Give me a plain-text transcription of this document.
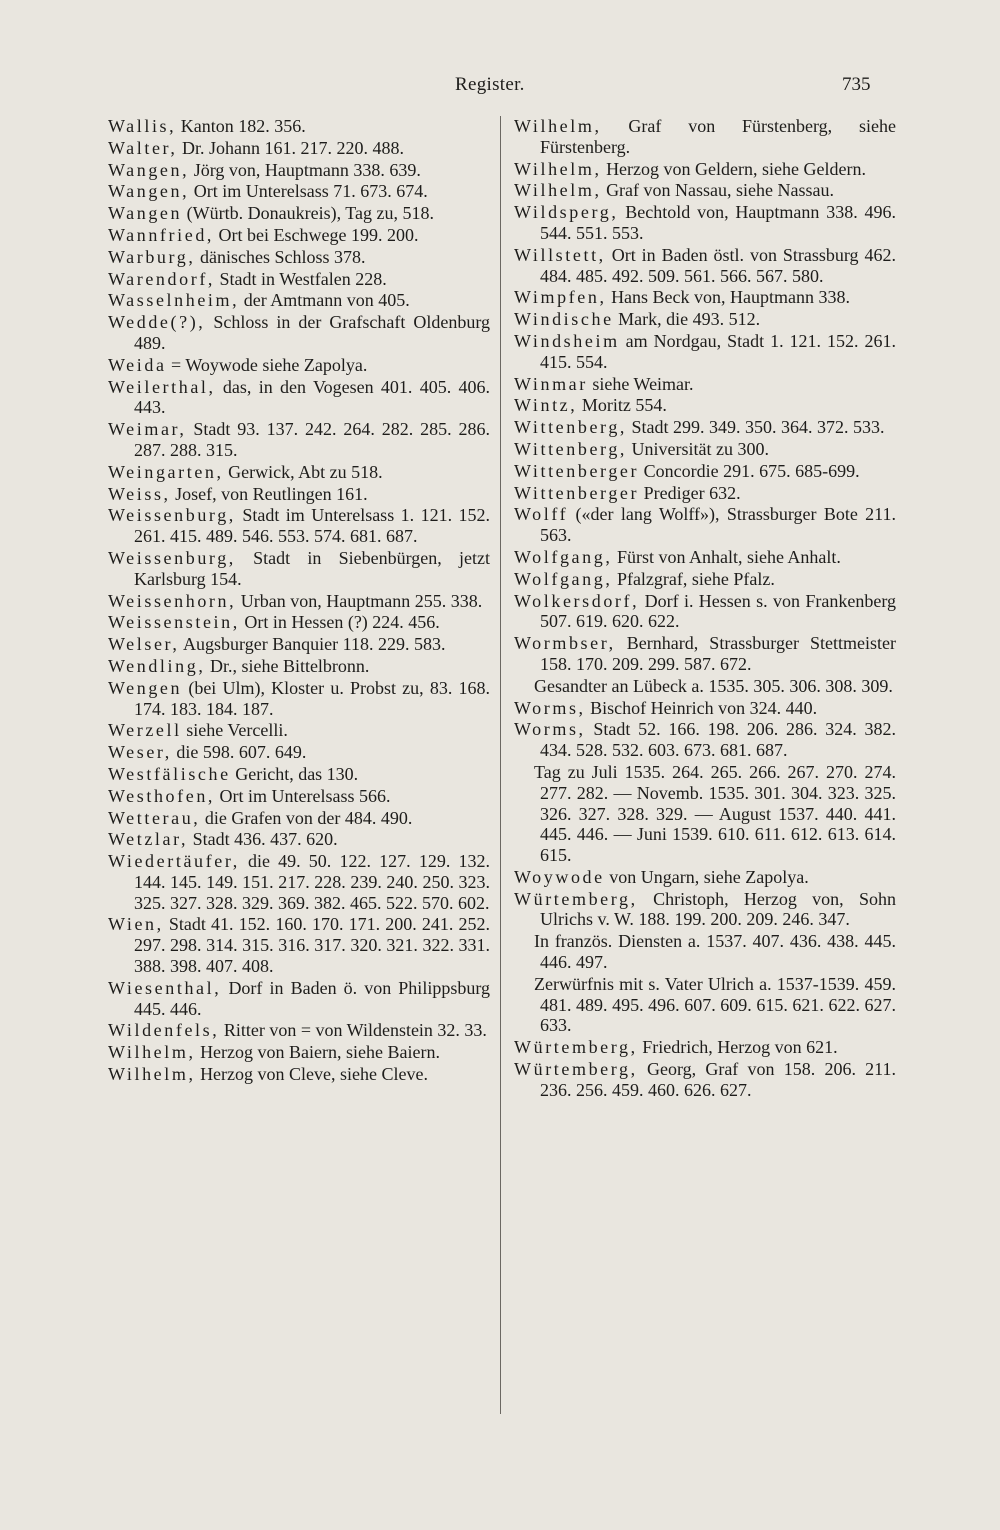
Register.	735
Wallis, Kanton 182. 356.
Walter, Dr. Johann 161. 217. 220. 488.
Wangen, Jörg von, Hauptmann 338. 639.
Wangen, Ort im Unterelsass 71. 673. 674.
Wangen (Würtb. Donaukreis), Tag zu, 518.
Wannfried, Ort bei Eschwege 199. 200.
Warburg, dänisches Schloss 378.
Warendorf, Stadt in Westfalen 228.
Wasselnheim, der Amtmann von 405.
Wedde(?), Schloss in der Grafschaft Oldenburg 489.
Weida = Woywode siehe Zapolya.
Weilerthal, das, in den Vogesen 401. 405. 406. 443.
Weimar, Stadt 93. 137. 242. 264. 282. 285. 286. 287. 288. 315.
Weingarten, Gerwick, Abt zu 518.
Weiss, Josef, von Reutlingen 161.
Weissenburg, Stadt im Unterelsass 1. 121. 152. 261. 415. 489. 546. 553. 574. 681. 687.
Weissenburg, Stadt in Siebenbürgen, jetzt Karlsburg 154.
Weissenhorn, Urban von, Hauptmann 255. 338.
Weissenstein, Ort in Hessen (?) 224. 456.
Welser, Augsburger Banquier 118. 229. 583.
Wendling, Dr., siehe Bittelbronn.
Wengen (bei Ulm), Kloster u. Probst zu, 83. 168. 174. 183. 184. 187.
Werzell siehe Vercelli.
Weser, die 598. 607. 649.
Westfälische Gericht, das 130.
Westhofen, Ort im Unterelsass 566.
Wetterau, die Grafen von der 484. 490.
Wetzlar, Stadt 436. 437. 620.
Wiedertäufer, die 49. 50. 122. 127. 129. 132. 144. 145. 149. 151. 217. 228. 239. 240. 250. 323. 325. 327. 328. 329. 369. 382. 465. 522. 570. 602.
Wien, Stadt 41. 152. 160. 170. 171. 200. 241. 252. 297. 298. 314. 315. 316. 317. 320. 321. 322. 331. 388. 398. 407. 408.
Wiesenthal, Dorf in Baden ö. von Philippsburg 445. 446.
Wildenfels, Ritter von = von Wildenstein 32. 33.
Wilhelm, Herzog von Baiern, siehe Baiern.
Wilhelm, Herzog von Cleve, siehe Cleve.
Wilhelm, Graf von Fürstenberg, siehe Fürstenberg.
Wilhelm, Herzog von Geldern, siehe Geldern.
Wilhelm, Graf von Nassau, siehe Nassau.
Wildsperg, Bechtold von, Hauptmann 338. 496. 544. 551. 553.
Willstett, Ort in Baden östl. von Strassburg 462. 484. 485. 492. 509. 561. 566. 567. 580.
Wimpfen, Hans Beck von, Hauptmann 338.
Windische Mark, die 493. 512.
Windsheim am Nordgau, Stadt 1. 121. 152. 261. 415. 554.
Winmar siehe Weimar.
Wintz, Moritz 554.
Wittenberg, Stadt 299. 349. 350. 364. 372. 533.
Wittenberg, Universität zu 300.
Wittenberger Concordie 291. 675. 685-699.
Wittenberger Prediger 632.
Wolff («der lang Wolff»), Strassburger Bote 211. 563.
Wolfgang, Fürst von Anhalt, siehe Anhalt.
Wolfgang, Pfalzgraf, siehe Pfalz.
Wolkersdorf, Dorf i. Hessen s. von Frankenberg 507. 619. 620. 622.
Wormbser, Bernhard, Strassburger Stettmeister 158. 170. 209. 299. 587. 672.
Gesandter an Lübeck a. 1535. 305. 306. 308. 309.
Worms, Bischof Heinrich von 324. 440.
Worms, Stadt 52. 166. 198. 206. 286. 324. 382. 434. 528. 532. 603. 673. 681. 687.
Tag zu Juli 1535. 264. 265. 266. 267. 270. 274. 277. 282. — Novemb. 1535. 301. 304. 323. 325. 326. 327. 328. 329. — August 1537. 440. 441. 445. 446. — Juni 1539. 610. 611. 612. 613. 614. 615.
Woywode von Ungarn, siehe Zapolya.
Würtemberg, Christoph, Herzog von, Sohn Ulrichs v. W. 188. 199. 200. 209. 246. 347.
In französ. Diensten a. 1537. 407. 436. 438. 445. 446. 497.
Zerwürfnis mit s. Vater Ulrich a. 1537-1539. 459. 481. 489. 495. 496. 607. 609. 615. 621. 622. 627. 633.
Würtemberg, Friedrich, Herzog von 621.
Würtemberg, Georg, Graf von 158. 206. 211. 236. 256. 459. 460. 626. 627.
